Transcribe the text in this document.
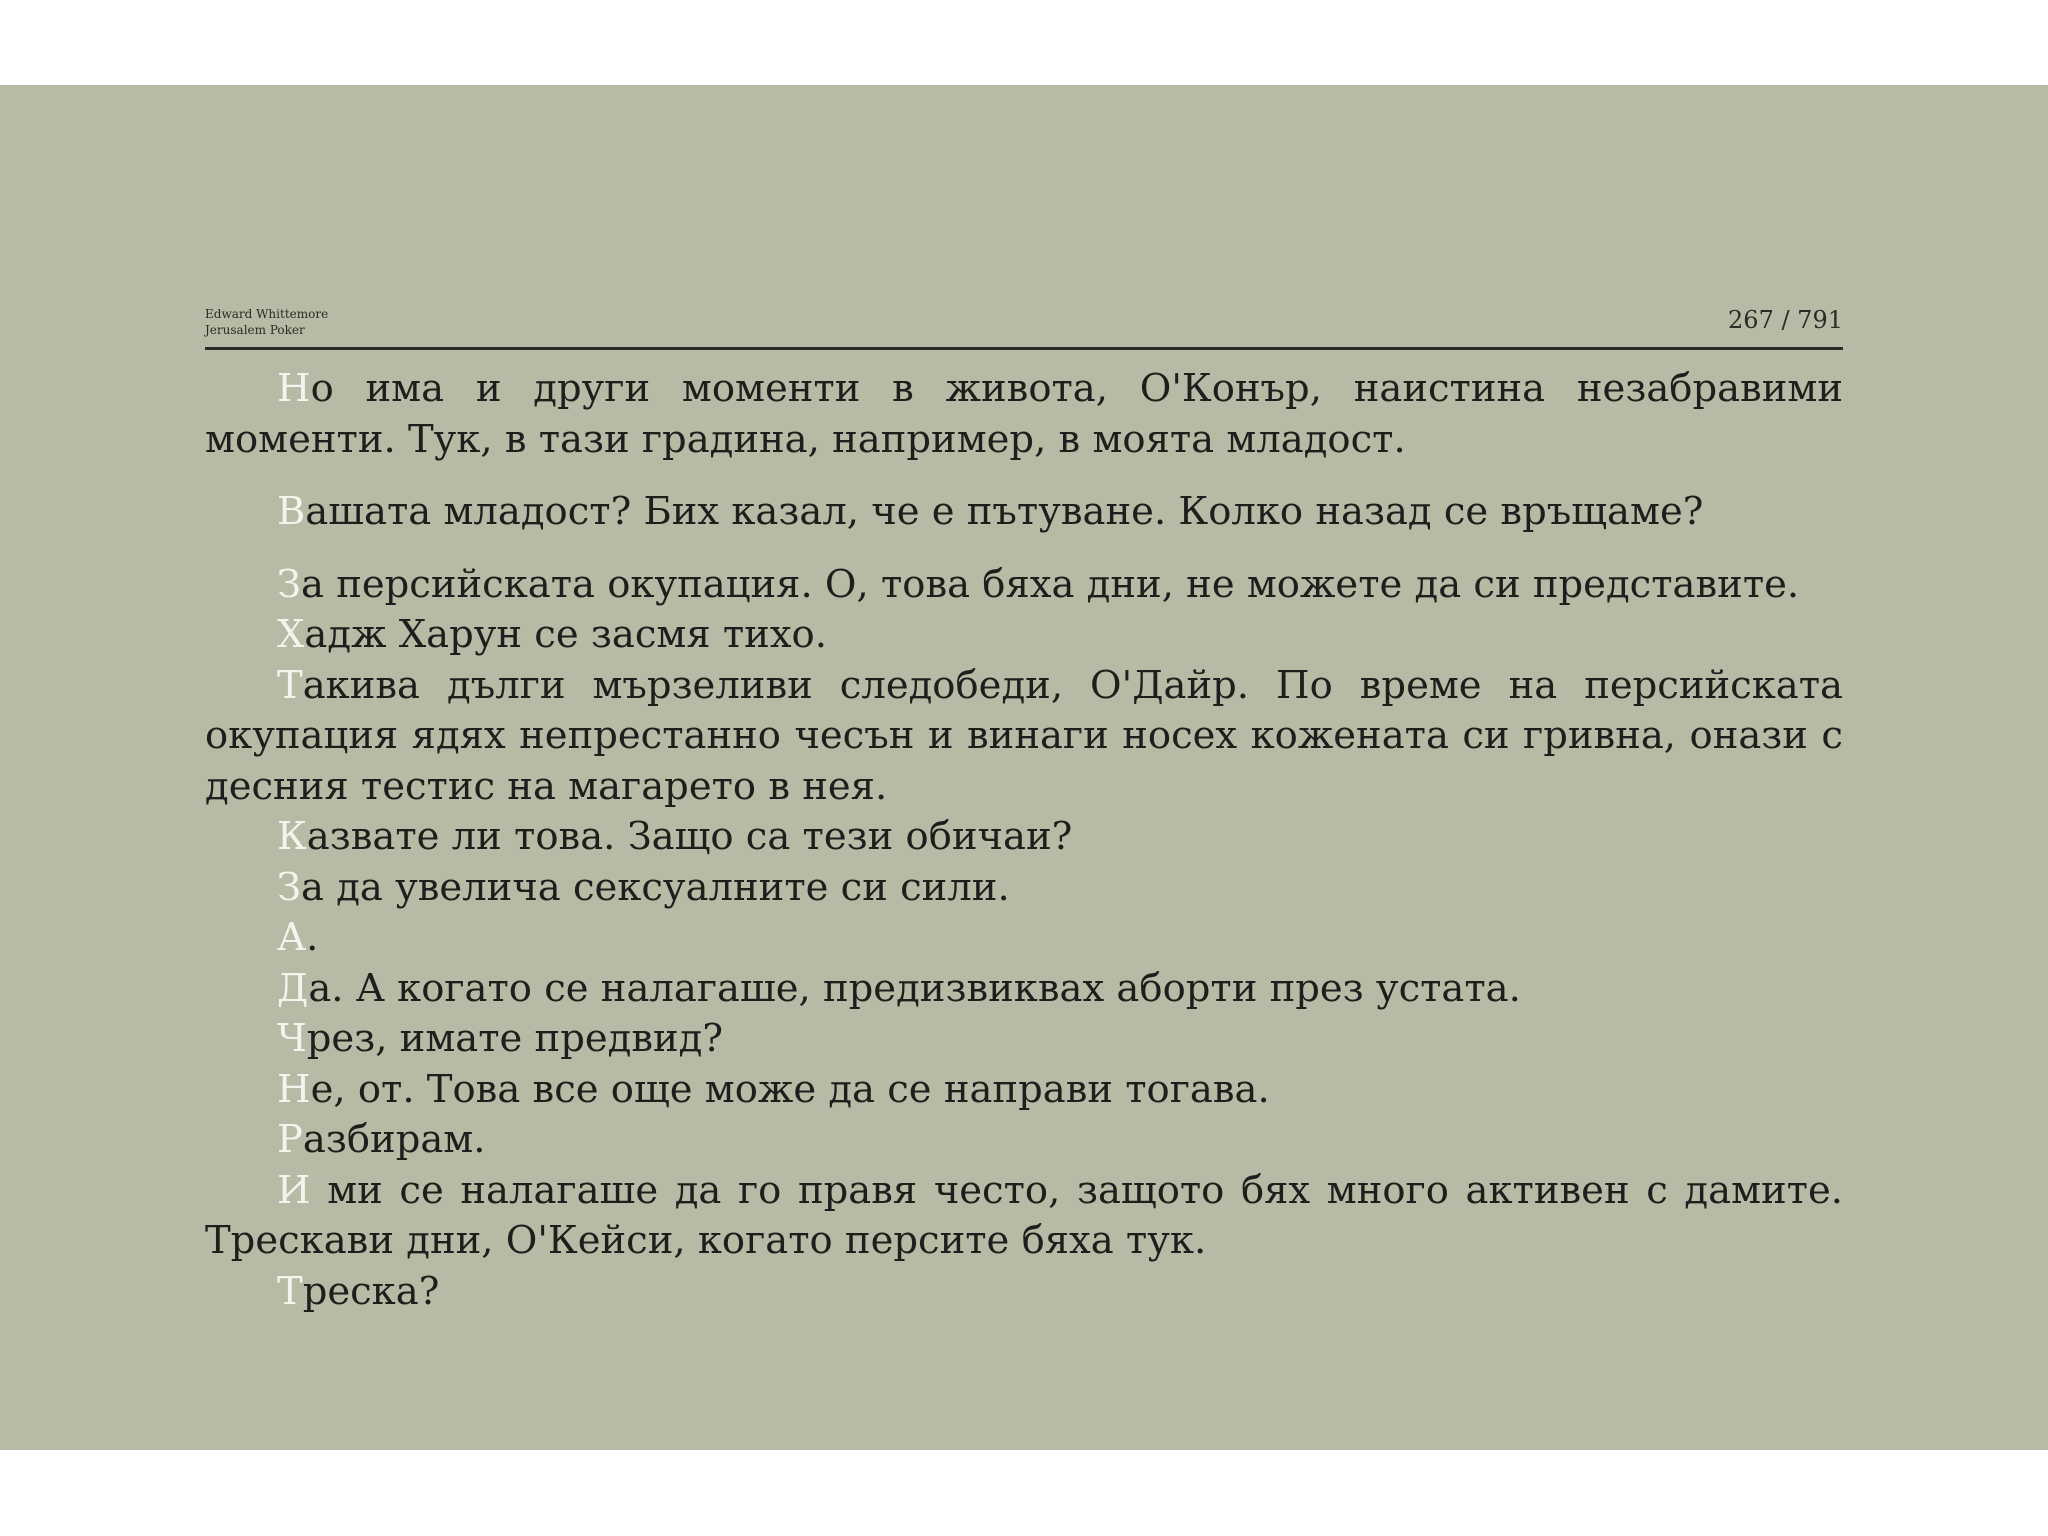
Edward Whittemore
Jerusalem Poker	267 / 791

Но има и други моменти в живота, О'Конър, наистина незабравими моменти. Тук, в тази градина, например, в моята младост.

Вашата младост? Бих казал, че е пътуване. Колко назад се връщаме?

За персийската окупация. О, това бяха дни, не можете да си представите.

Хадж Харун се засмя тихо.

Такива дълги мързеливи следобеди, О'Дайр. По време на персийската окупация ядях непрестанно чесън и винаги носех кожената си гривна, онази с десния тестис на магарето в нея.

Казвате ли това. Защо са тези обичаи?

За да увелича сексуалните си сили.

А.

Да. А когато се налагаше, предизвиквах аборти през устата.

Чрез, имате предвид?

Не, от. Това все още може да се направи тогава.

Разбирам.

И ми се налагаше да го правя често, защото бях много активен с дамите. Трескави дни, О'Кейси, когато персите бяха тук.

Треска?
